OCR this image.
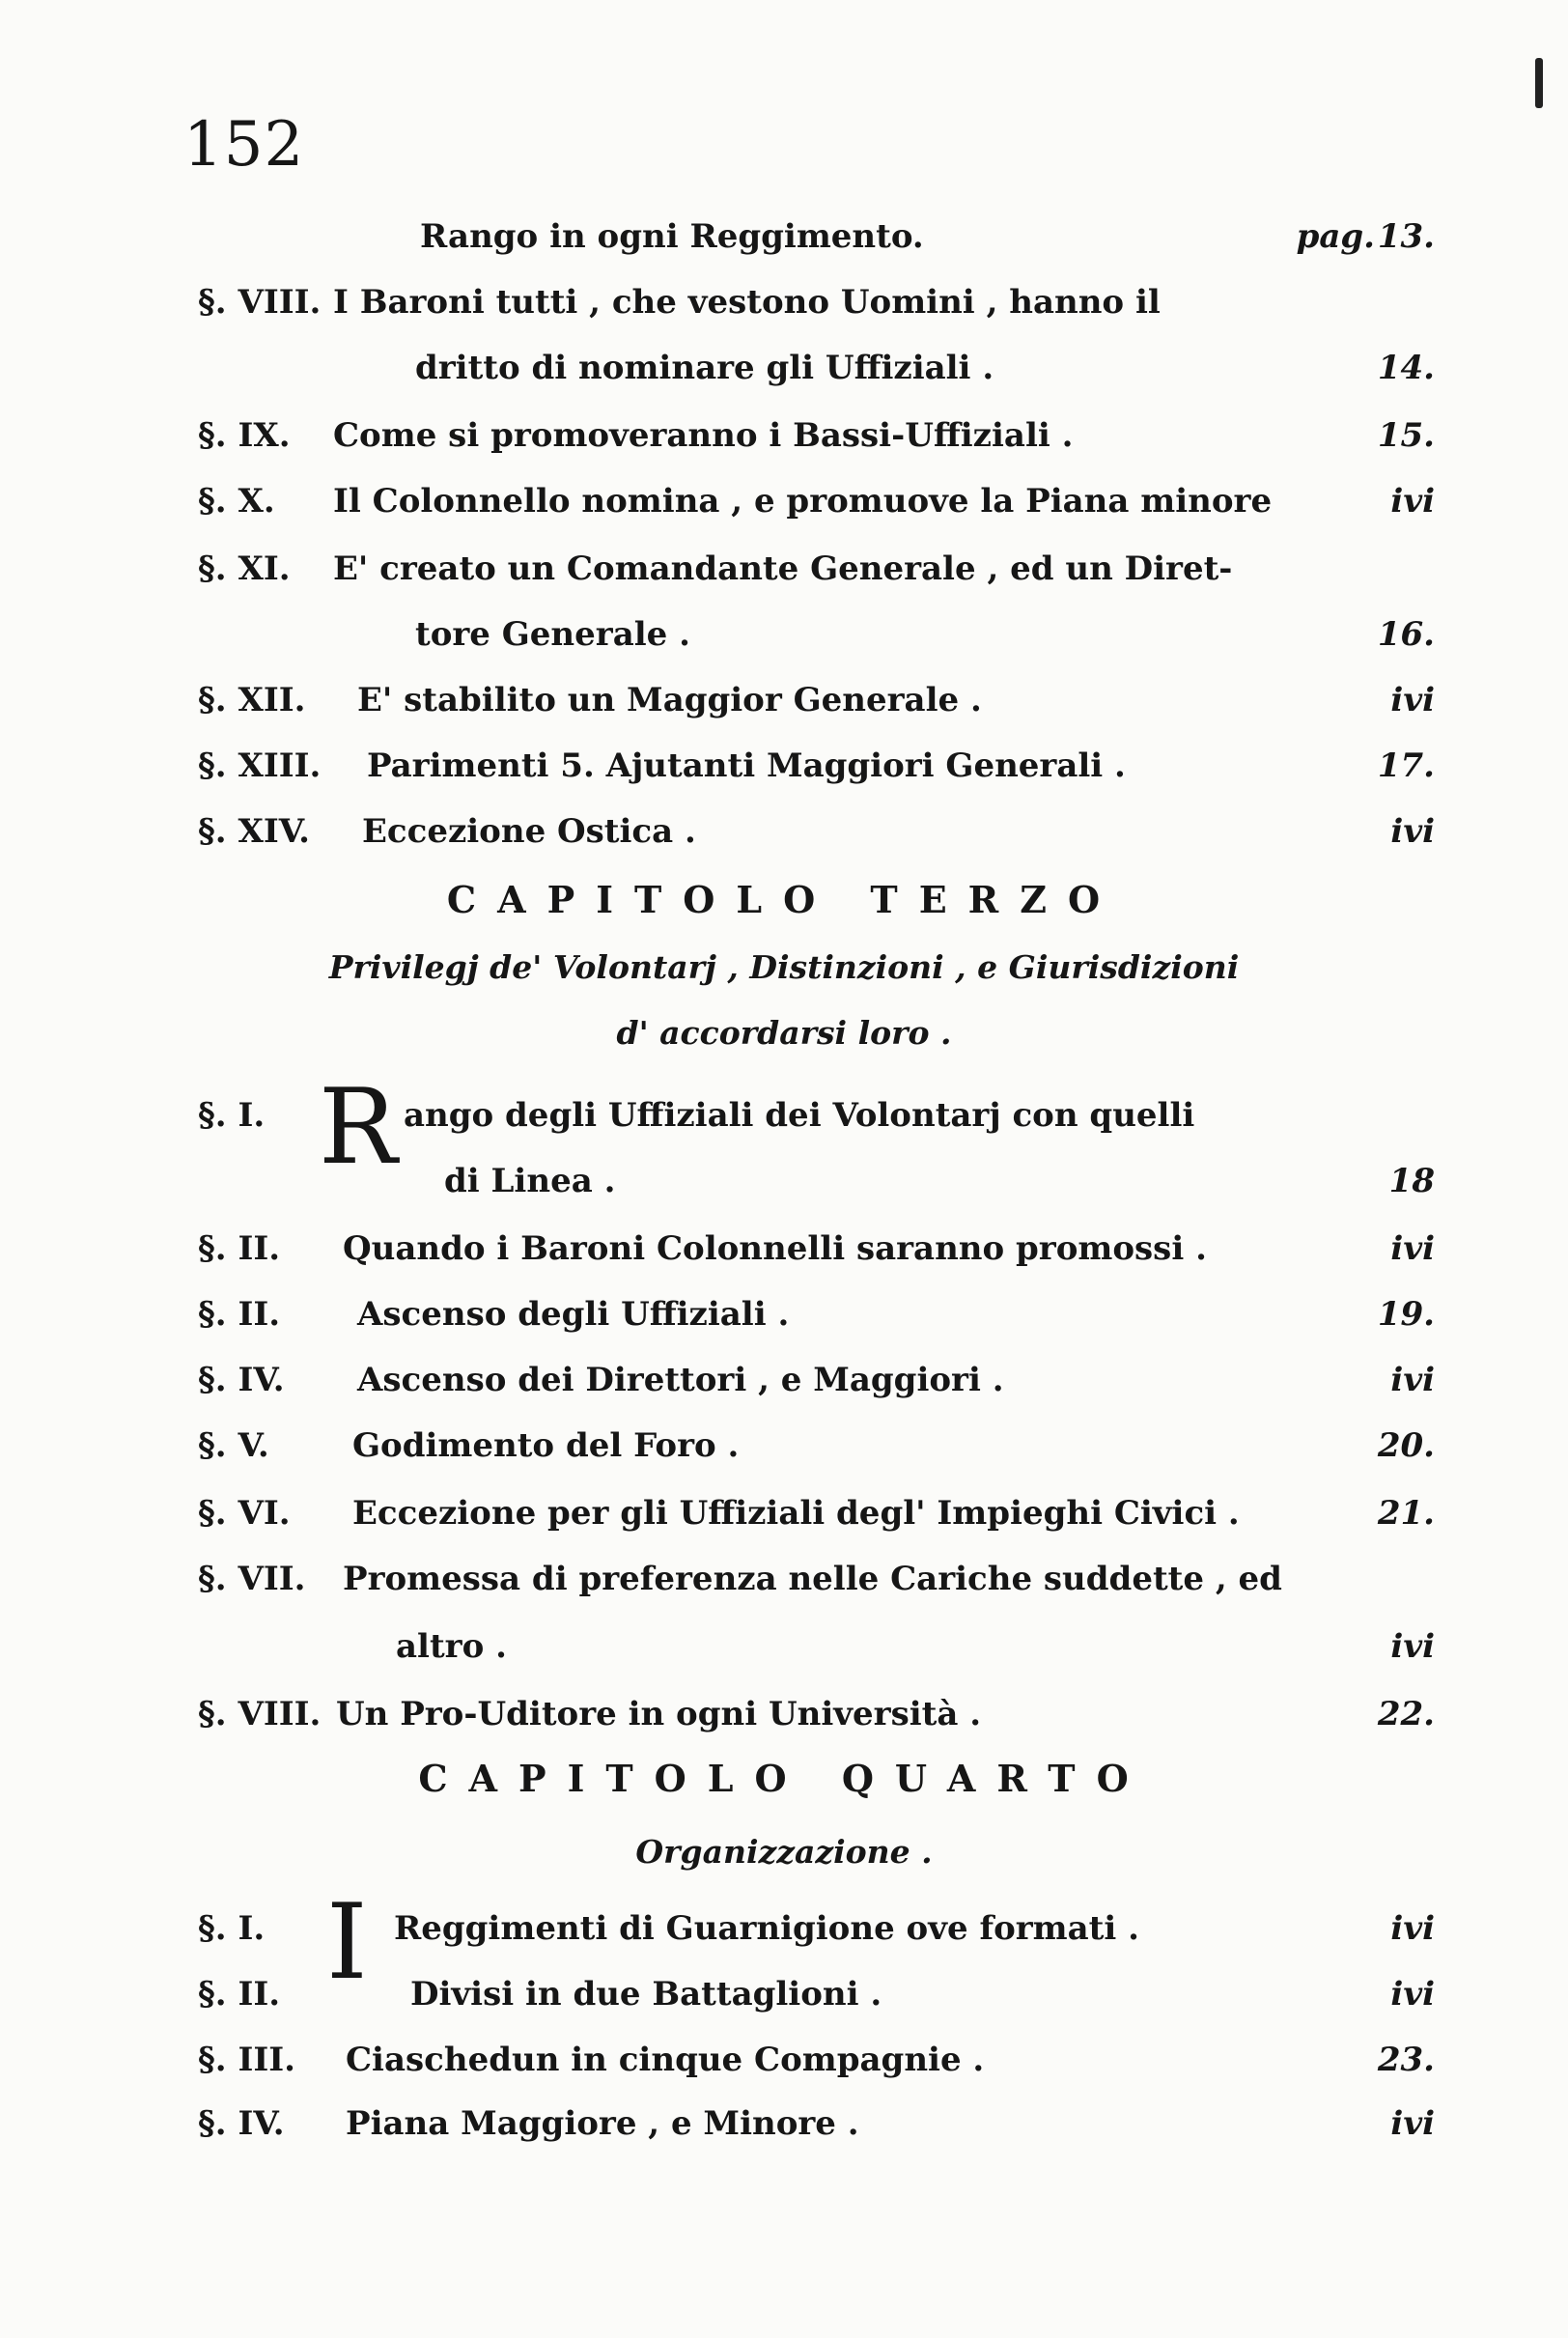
152
Rango in ogni Reggimento.	pag. 13.
§. VIII. I Baroni tutti , che vestono Uomini , hanno il
dritto di nominare gli Uffiziali .	14.
§. IX. Come si promoveranno i Bassi-Uffiziali .	15.
§. X. Il Colonnello nomina , e promuove la Piana minore	ivi
§. XI. E' creato un Comandante Generale , ed un Diret-
tore Generale .	16.
§. XII. E' stabilito un Maggior Generale .	ivi
§. XIII. Parimenti 5. Ajutanti Maggiori Generali .	17.
§. XIV. Eccezione Ostica .	ivi
CAPITOLO TERZO
Privilegj de' Volontarj , Distinzioni , e Giurisdizioni
d' accordarsi loro .
§. I. R ango degli Uffiziali dei Volontarj con quelli
di Linea .	18
§. II. Quando i Baroni Colonnelli saranno promossi .	ivi
§. II. Ascenso degli Uffiziali .	19.
§. IV. Ascenso dei Direttori , e Maggiori .	ivi
§. V.	Godimento del Foro .	20.
§. VI. Eccezione per gli Uffiziali degl' Impieghi Civici .	21.
§. VII. Promessa di preferenza nelle Cariche suddette , ed
altro .	ivi
§. VIII. Un Pro-Uditore in ogni Università .	22.
CAPITOLO QUARTO
Organizzazione .
§. I. I Reggimenti di Guarnigione ove formati .	ivi
§. II.	Divisi in due Battaglioni .	ivi
§. III. Ciaschedun in cinque Compagnie .	23.
§. IV. Piana Maggiore , e Minore .	ivi
